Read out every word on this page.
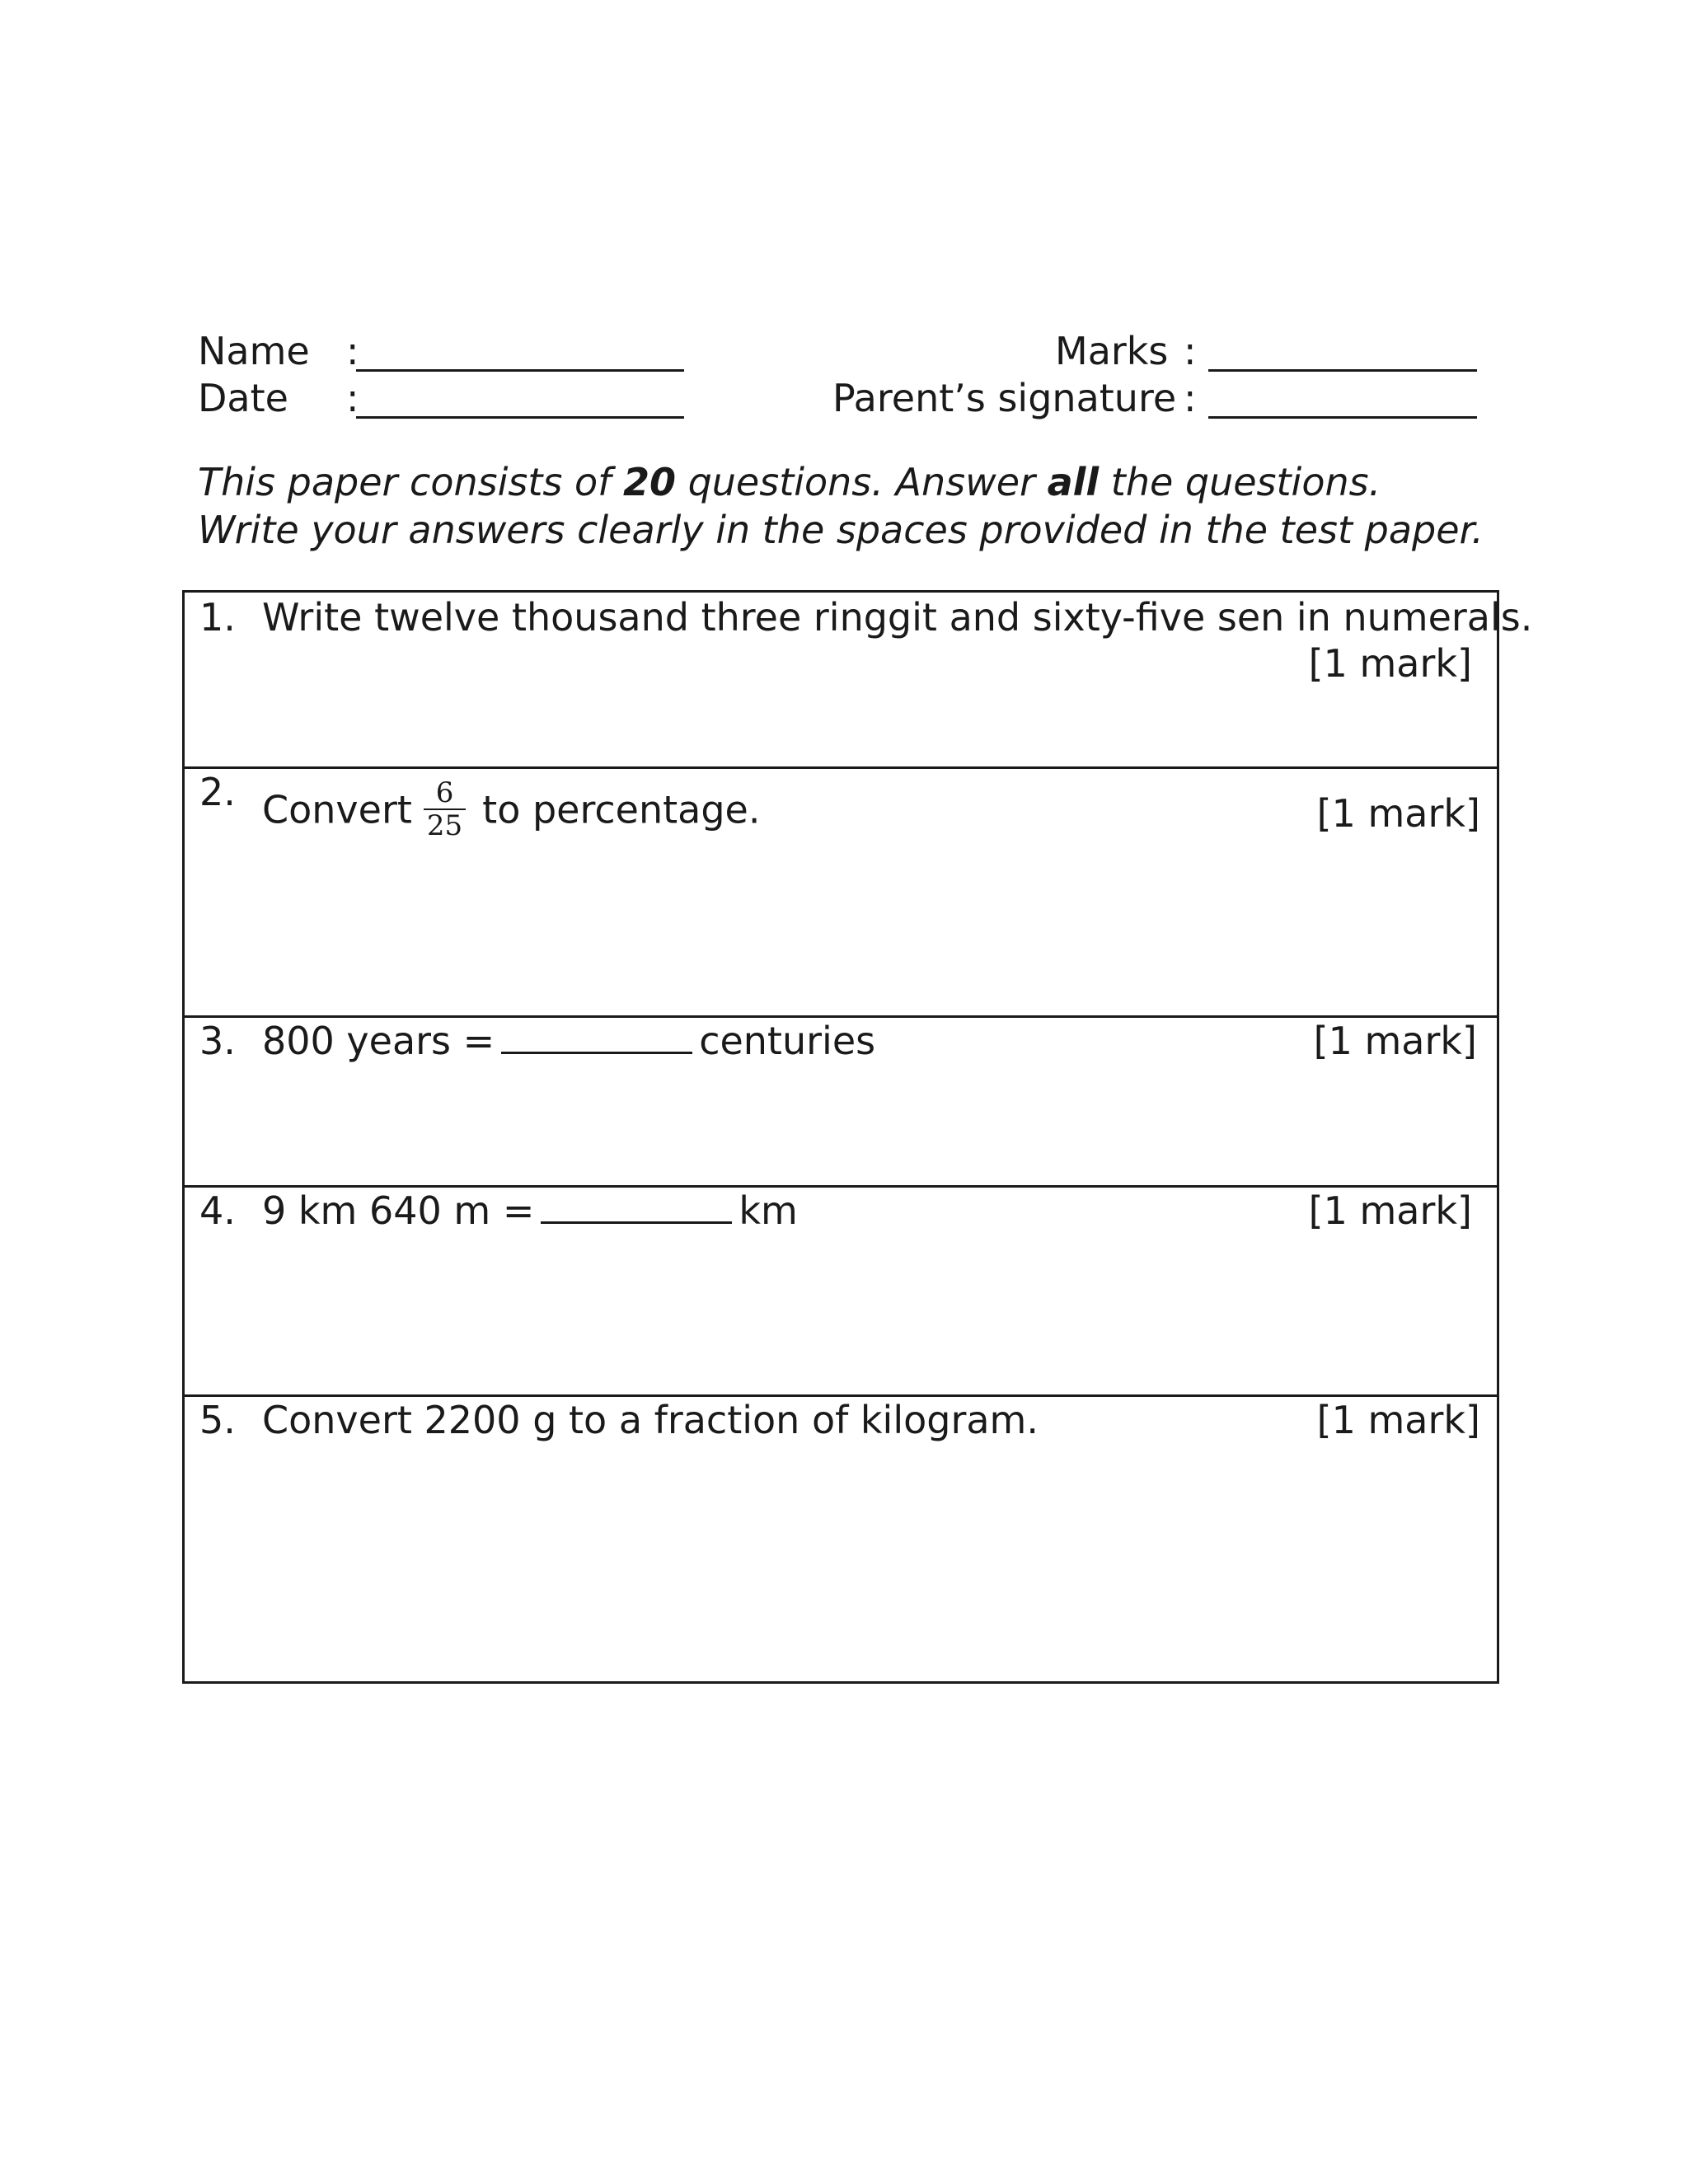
Name :
Date :
Marks :
Parent’s signature :
This paper consists of 20 questions. Answer all the questions. Write your answers clearly in the spaces provided in the test paper.
1. Write twelve thousand three ringgit and sixty-five sen in numerals.
[1 mark]
2. Convert $\frac{6}{25}$ to percentage.	[1 mark]
3. 800 years =	centuries	[1 mark]
4. 9 km 640 m =	km	[1 mark]
5. Convert 2200 g to a fraction of kilogram.	[1 mark]
